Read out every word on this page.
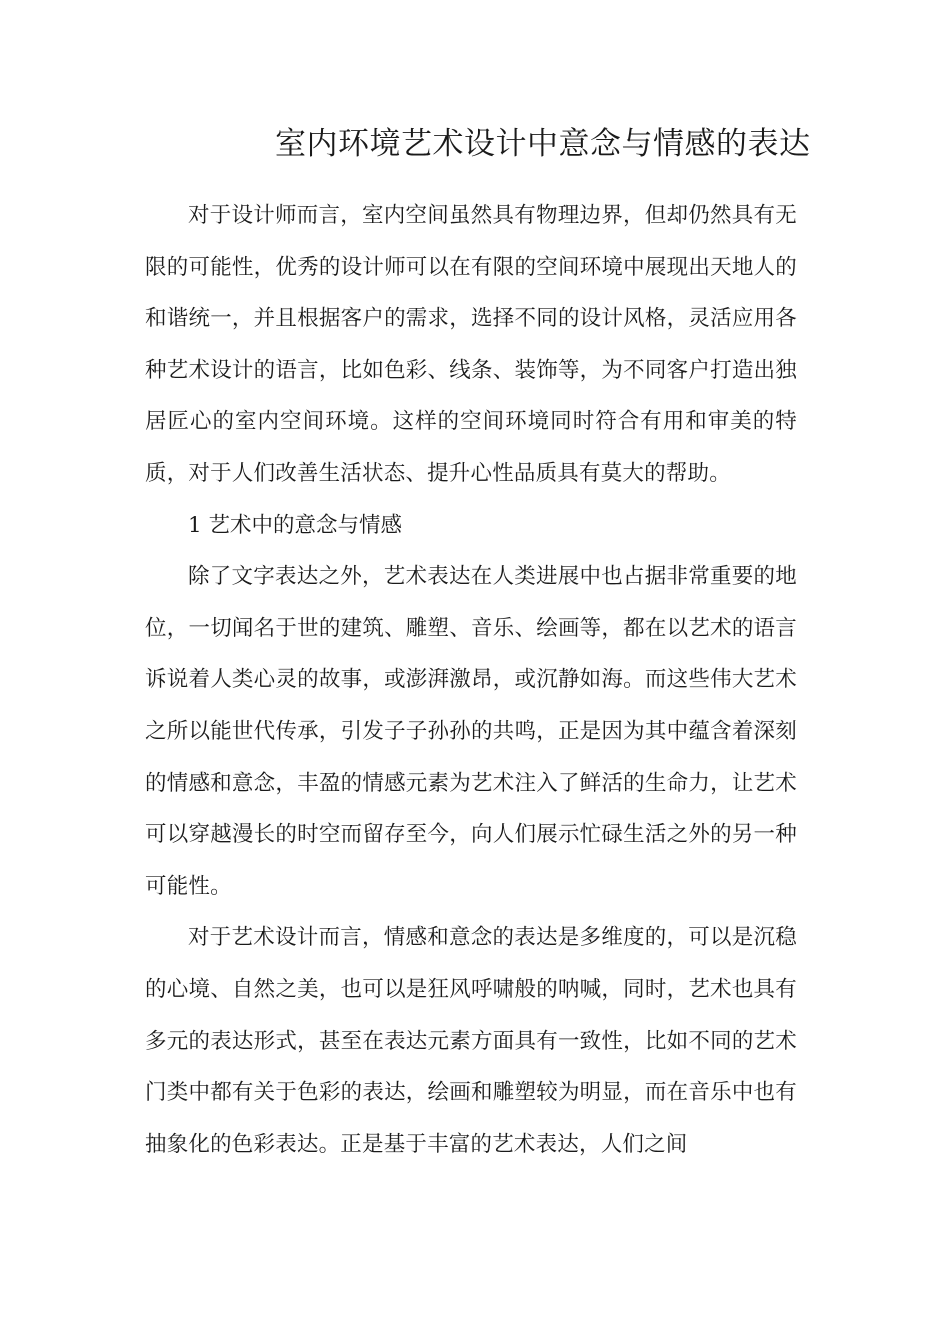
室内环境艺术设计中意念与情感的表达

对于设计师而言，室内空间虽然具有物理边界，但却仍然具有无限的可能性，优秀的设计师可以在有限的空间环境中展现出天地人的和谐统一，并且根据客户的需求，选择不同的设计风格，灵活应用各种艺术设计的语言，比如色彩、线条、装饰等，为不同客户打造出独居匠心的室内空间环境。这样的空间环境同时符合有用和审美的特质，对于人们改善生活状态、提升心性品质具有莫大的帮助。

1 艺术中的意念与情感

除了文字表达之外，艺术表达在人类进展中也占据非常重要的地位，一切闻名于世的建筑、雕塑、音乐、绘画等，都在以艺术的语言诉说着人类心灵的故事，或澎湃激昂，或沉静如海。而这些伟大艺术之所以能世代传承，引发子子孙孙的共鸣，正是因为其中蕴含着深刻的情感和意念，丰盈的情感元素为艺术注入了鲜活的生命力，让艺术可以穿越漫长的时空而留存至今，向人们展示忙碌生活之外的另一种可能性。

对于艺术设计而言，情感和意念的表达是多维度的，可以是沉稳的心境、自然之美，也可以是狂风呼啸般的呐喊，同时，艺术也具有多元的表达形式，甚至在表达元素方面具有一致性，比如不同的艺术门类中都有关于色彩的表达，绘画和雕塑较为明显，而在音乐中也有抽象化的色彩表达。正是基于丰富的艺术表达，人们之间
